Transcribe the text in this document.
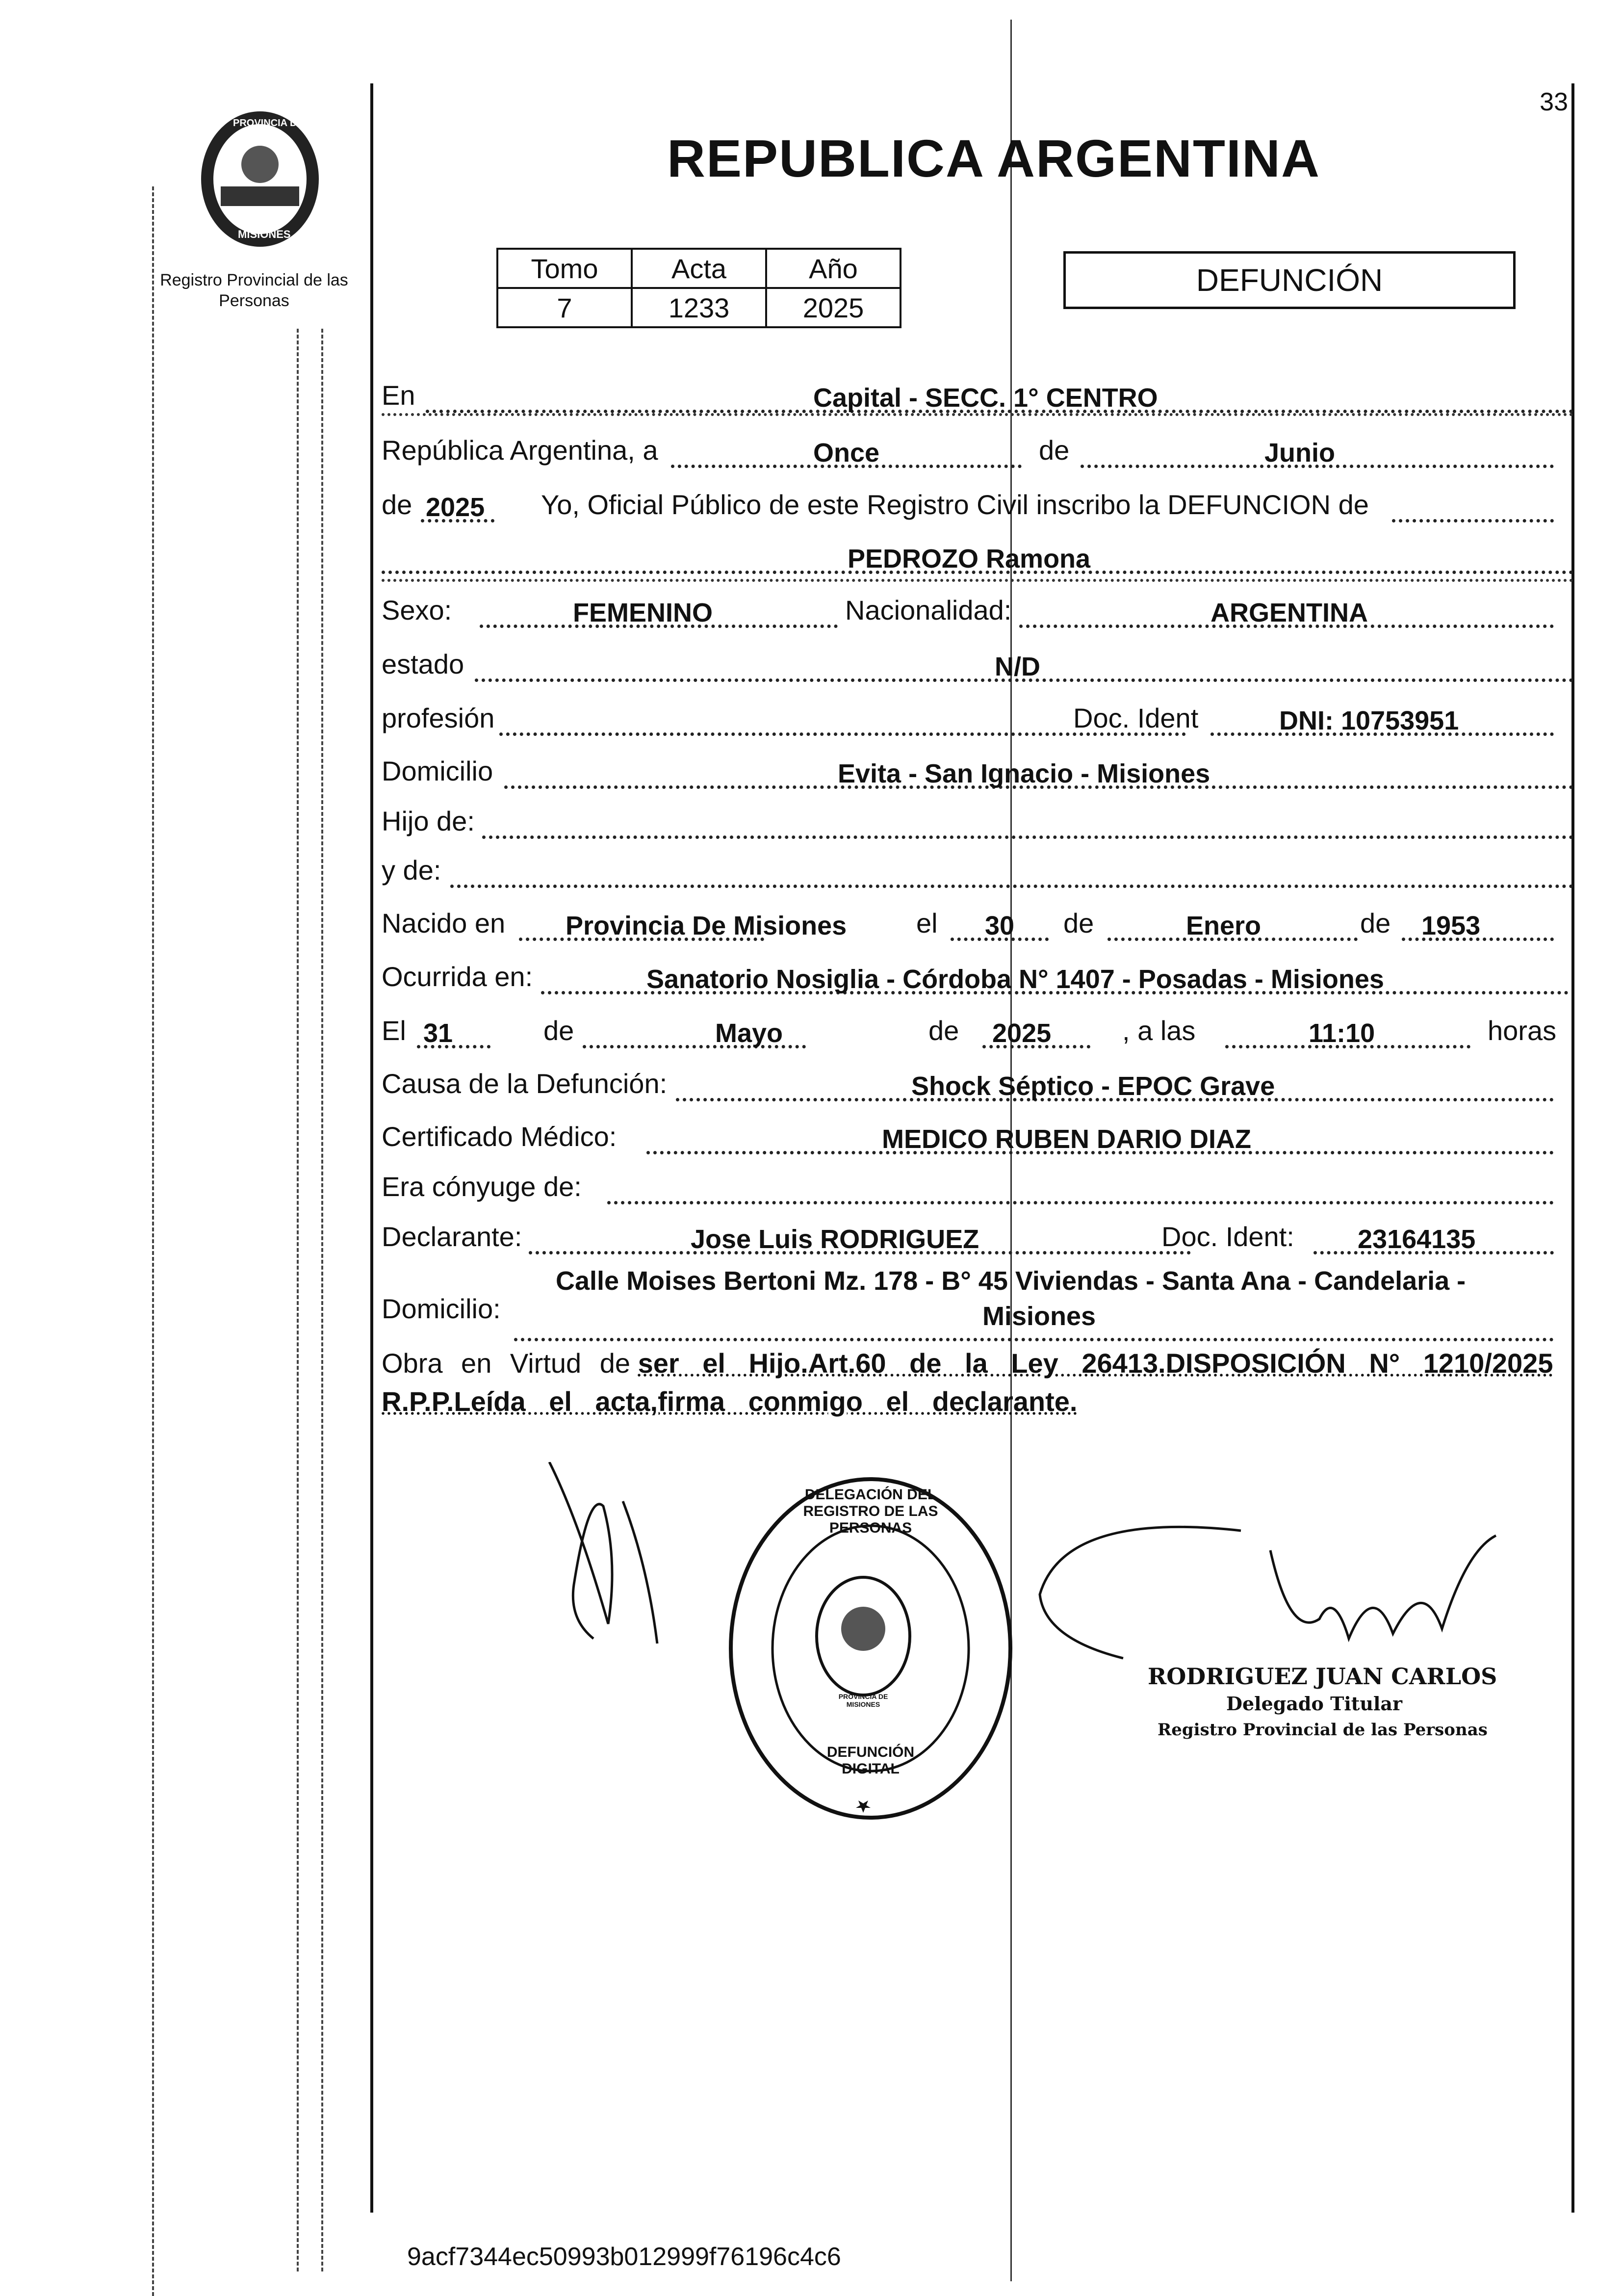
33
PROVINCIA DE
MISIONES
Registro Provincial de las Personas
REPUBLICA ARGENTINA
Tomo	Acta	Año
7	1233	2025
DEFUNCIÓN
En	Capital - SECC. 1° CENTRO
República Argentina, a	Once	de	Junio
de 2025 Yo, Oficial Público de este Registro Civil inscribo la DEFUNCION de
PEDROZO Ramona
Sexo:	FEMENINO	Nacionalidad:	ARGENTINA
estado	N/D
profesión	Doc. Ident	DNI: 10753951
Domicilio	Evita - San Ignacio - Misiones
Hijo de:
y de:
Nacido en Provincia De Misiones	el 30 de	Enero	de 1953
Ocurrida en:	Sanatorio Nosiglia - Córdoba N° 1407 - Posadas - Misiones
El 31	de	Mayo	de 2025	, a las	11:10	horas
Causa de la Defunción:	Shock Séptico - EPOC Grave
Certificado Médico:	MEDICO RUBEN DARIO DIAZ
Era cónyuge de:
Declarante:	Jose Luis RODRIGUEZ	Doc. Ident: 23164135
Domicilio:
Calle Moises Bertoni Mz. 178 - B° 45 Viviendas - Santa Ana - Candelaria -
Misiones
Obra en Virtud de ser el Hijo.Art.60 de la Ley 26413.DISPOSICIÓN N° 1210/2025 R.P.P.Leída el acta,firma conmigo el declarante.
DELEGACIÓN DEL REGISTRO DE LAS PERSONAS
PROVINCIA DE MISIONES
DEFUNCIÓN DIGITAL
RODRIGUEZ JUAN CARLOS
Delegado Titular
Registro Provincial de las Personas
9acf7344ec50993b012999f76196c4c6
